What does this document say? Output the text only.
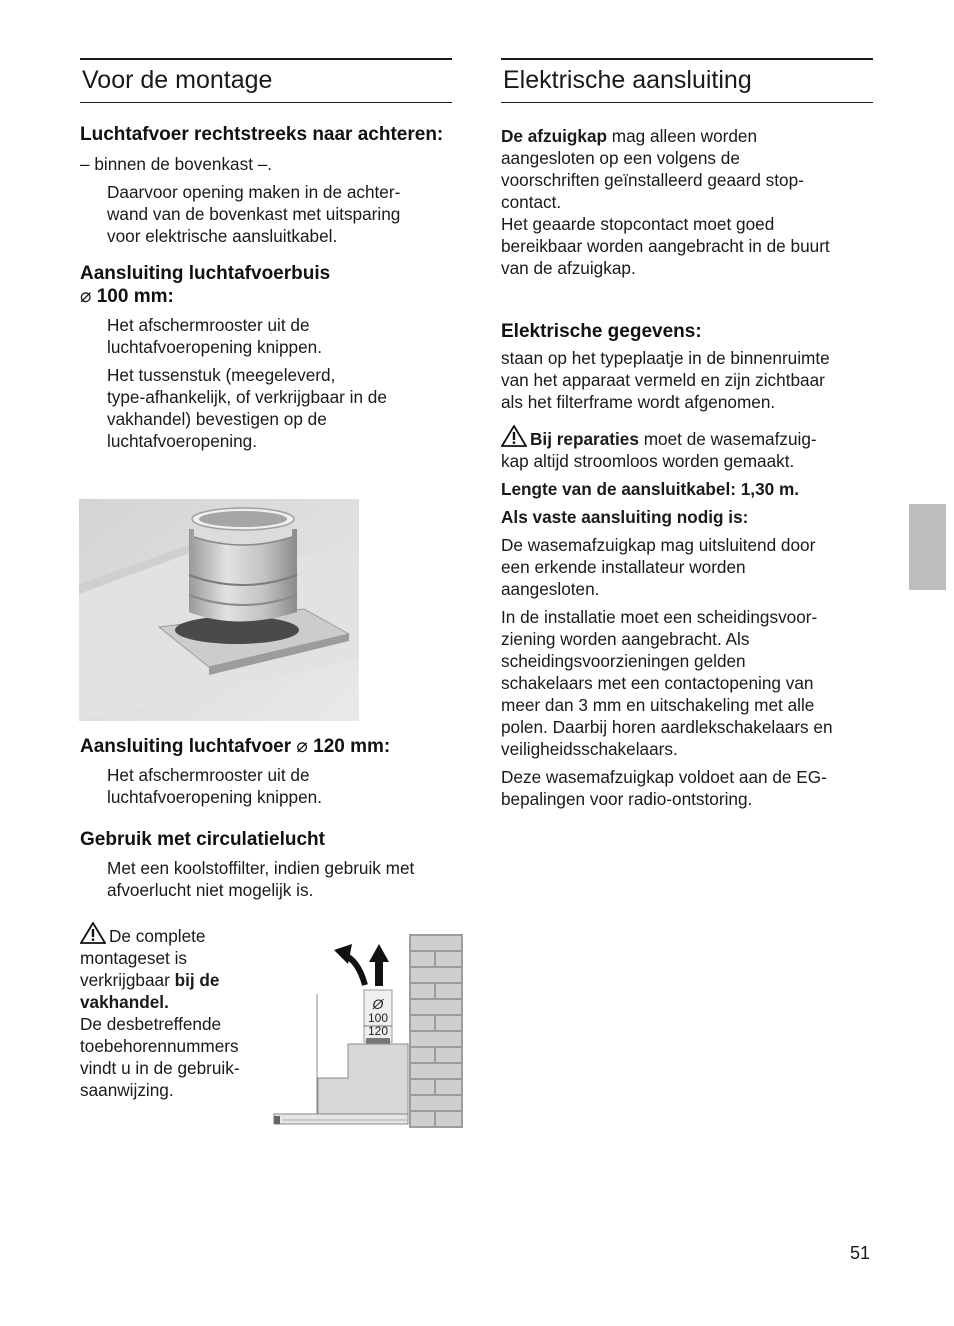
Voor de montage
Luchtafvoer rechtstreeks naar achteren:

– binnen de bovenkast –.

Daarvoor opening maken in de achter-

wand van de bovenkast met uitsparing

voor elektrische aansluitkabel.

Aansluiting luchtafvoerbuis
⌀ 100 mm:

Het afschermrooster uit de

luchtafvoeropening knippen.

Het tussenstuk (meegeleverd,

type-afhankelijk, of verkrijgbaar in de

vakhandel) bevestigen op de

luchtafvoeropening.

Aansluiting luchtafvoer ⌀ 120 mm:

Het afschermrooster uit de

luchtafvoeropening knippen.

Gebruik met circulatielucht

Met een koolstoffilter, indien gebruik met

afvoerlucht niet mogelijk is.

De complete

montageset is

verkrijgbaar bij de

vakhandel.

De desbetreffende

toebehorennummers

vindt u in de gebruik-

saanwijzing.

Ø
100
120
Elektrische aansluiting

De afzuigkap mag alleen worden

aangesloten op een volgens de

voorschriften geïnstalleerd geaard stop-

contact.

Het geaarde stopcontact moet goed

bereikbaar worden aangebracht in de buurt

van de afzuigkap.

Elektrische gegevens:

staan op het typeplaatje in de binnenruimte

van het apparaat vermeld en zijn zichtbaar

als het filterframe wordt afgenomen.

Bij reparaties moet de wasemafzuig-

kap altijd stroomloos worden gemaakt.

Lengte van de aansluitkabel: 1,30 m.

Als vaste aansluiting nodig is:

De wasemafzuigkap mag uitsluitend door

een erkende installateur worden

aangesloten.

In de installatie moet een scheidingsvoor-

ziening worden aangebracht. Als

scheidingsvoorzieningen gelden

schakelaars met een contactopening van

meer dan 3 mm en uitschakeling met alle

polen. Daarbij horen aardlekschakelaars en

veiligheidsschakelaars.

Deze wasemafzuigkap voldoet aan de EG-

bepalingen voor radio-ontstoring.

51
